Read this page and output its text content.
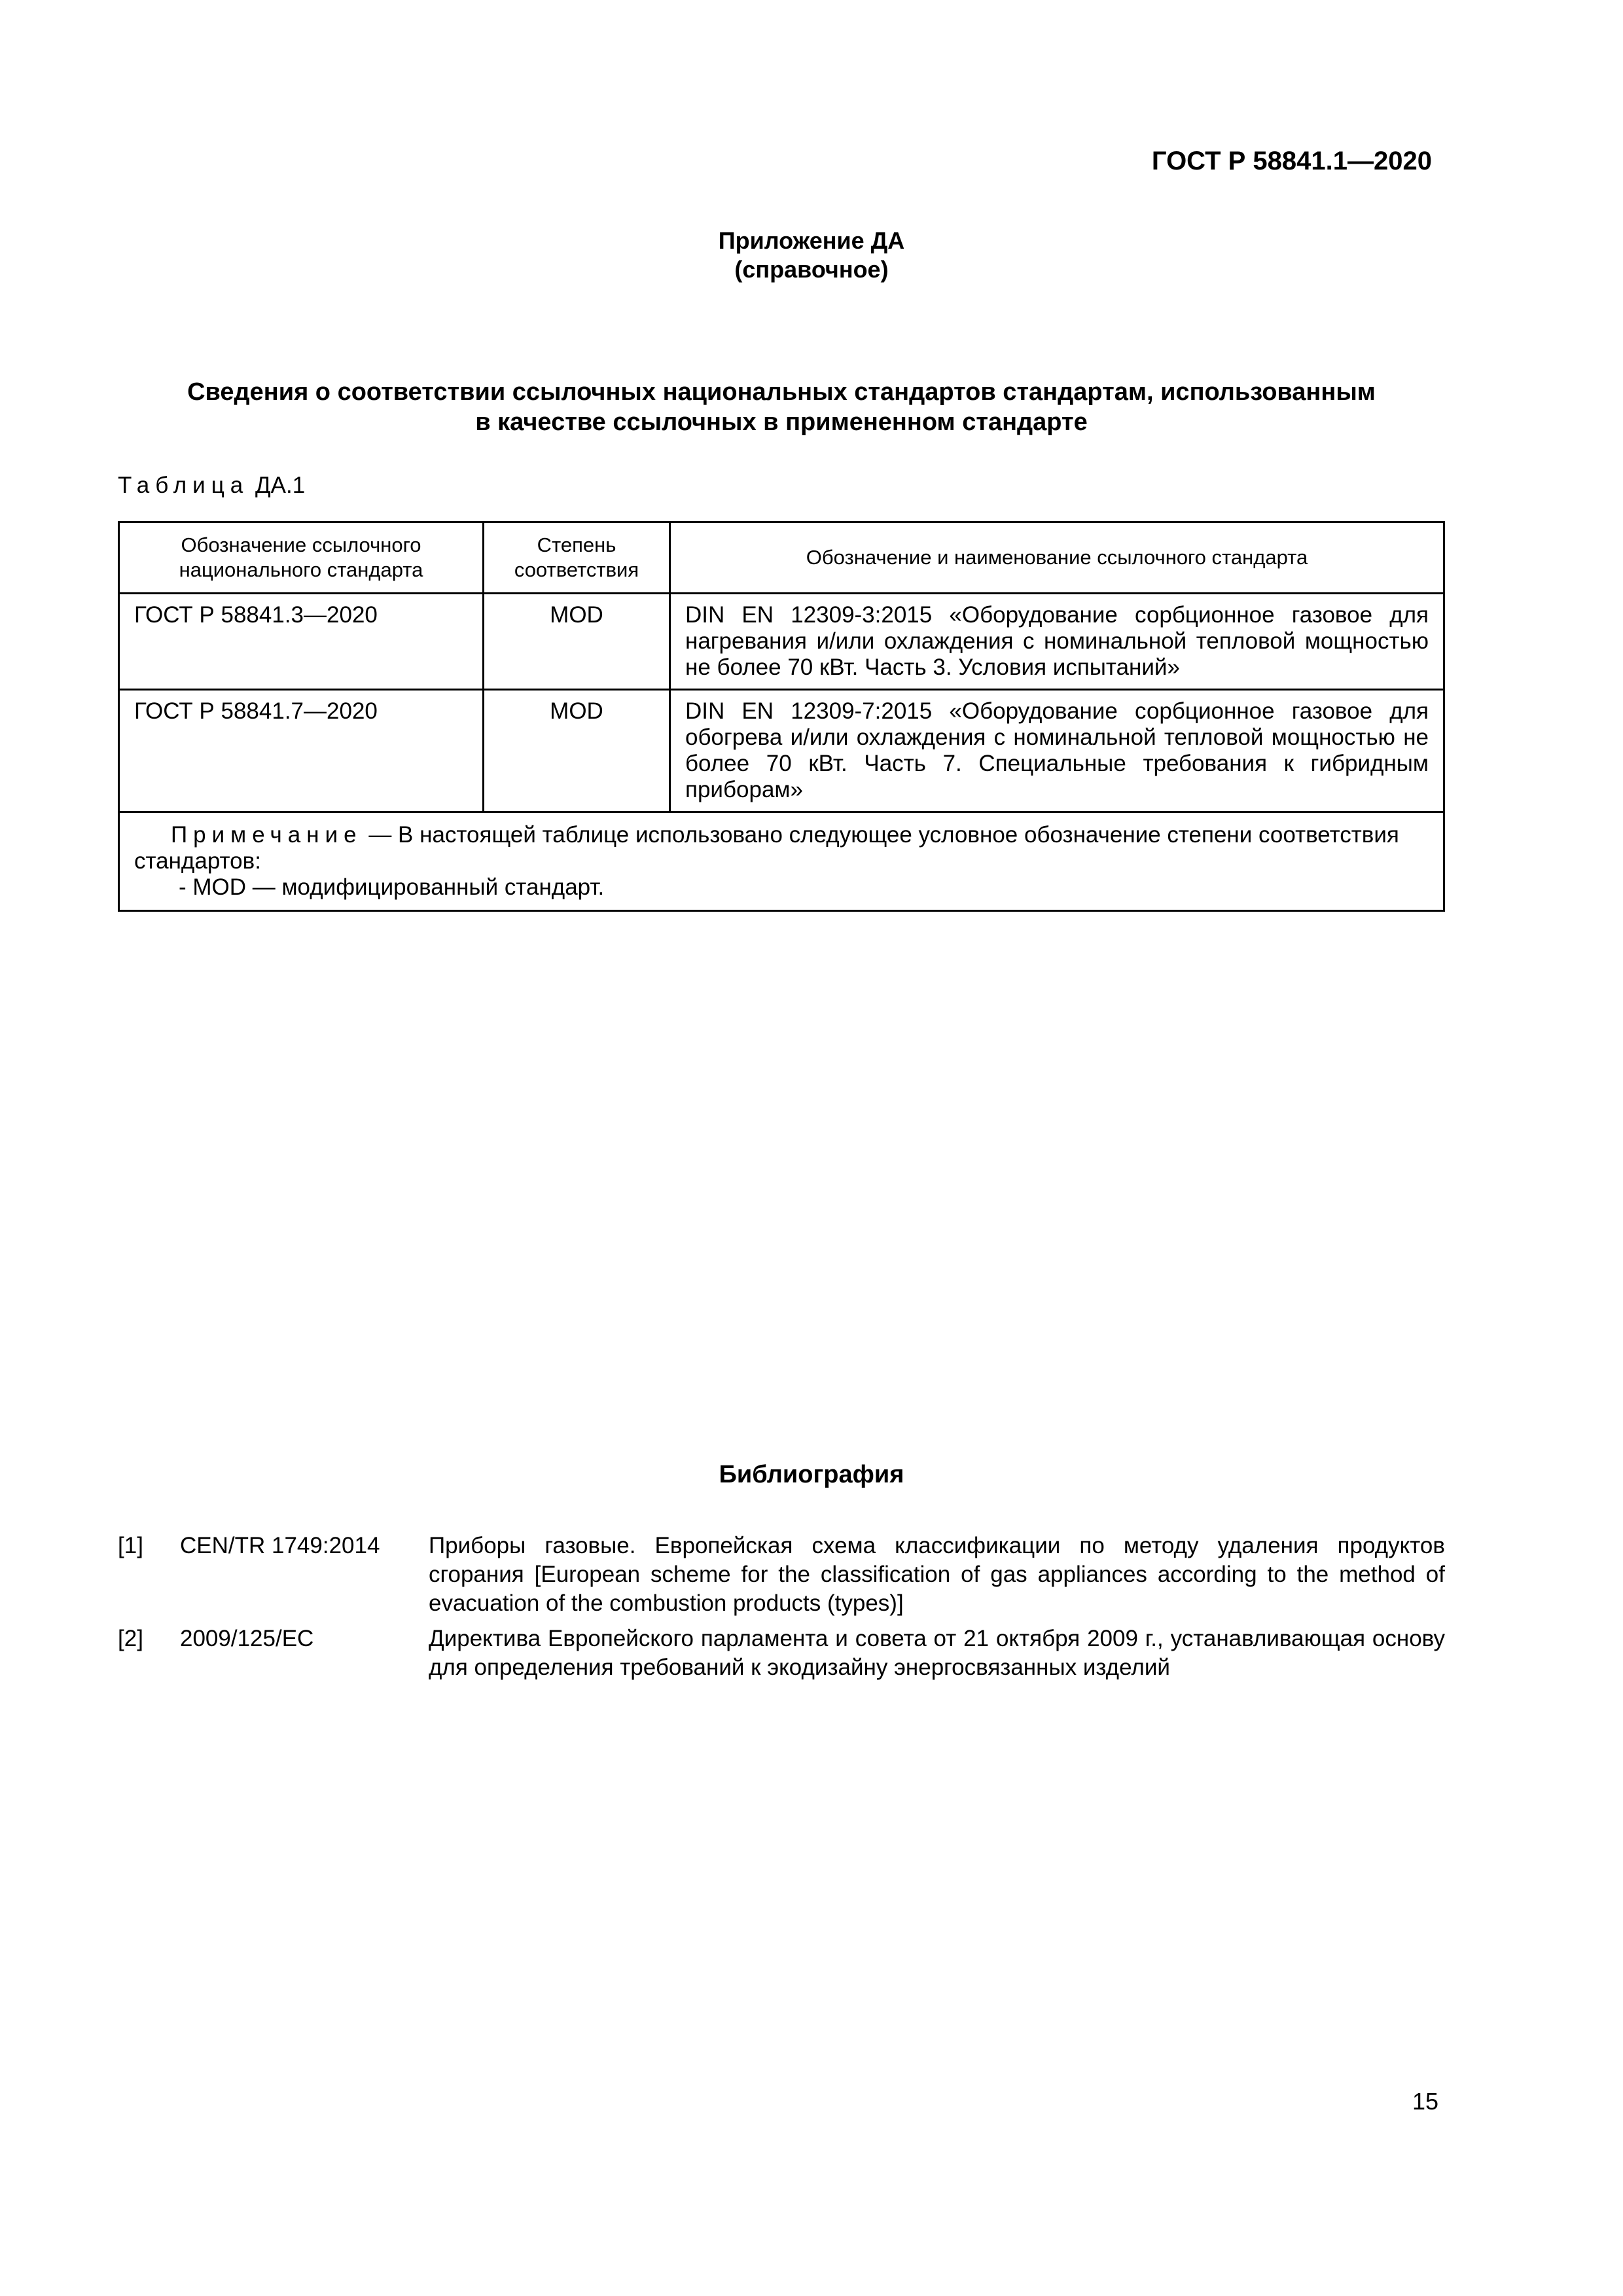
ГОСТ Р 58841.1—2020
Приложение ДА
(справочное)
Сведения о соответствии ссылочных национальных стандартов стандартам, использованным
в качестве ссылочных в примененном стандарте
Таблица ДА.1
Обозначение ссылочного национального стандарта	Степень соответствия	Обозначение и наименование ссылочного стандарта
ГОСТ Р 58841.3—2020	MOD	DIN EN 12309-3:2015 «Оборудование сорбционное газовое для нагревания и/или охлаждения с номинальной тепловой мощностью не более 70 кВт. Часть 3. Условия испытаний»
ГОСТ Р 58841.7—2020	MOD	DIN EN 12309-7:2015 «Оборудование сорбционное газовое для обогрева и/или охлаждения с номинальной тепловой мощностью не более 70 кВт. Часть 7. Специальные требования к гибридным приборам»

Примечание — В настоящей таблице использовано следующее условное обозначение степени соответствия стандартов:
- MOD — модифицированный стандарт.		
Библиография
[1]	CEN/TR 1749:2014	Приборы газовые. Европейская схема классификации по методу удаления продуктов сгорания [European scheme for the classification of gas appliances according to the method of evacuation of the combustion products (types)]
[2]	2009/125/EC	Директива Европейского парламента и совета от 21 октября 2009 г., устанавливающая основу для определения требований к экодизайну энергосвязанных изделий
15
